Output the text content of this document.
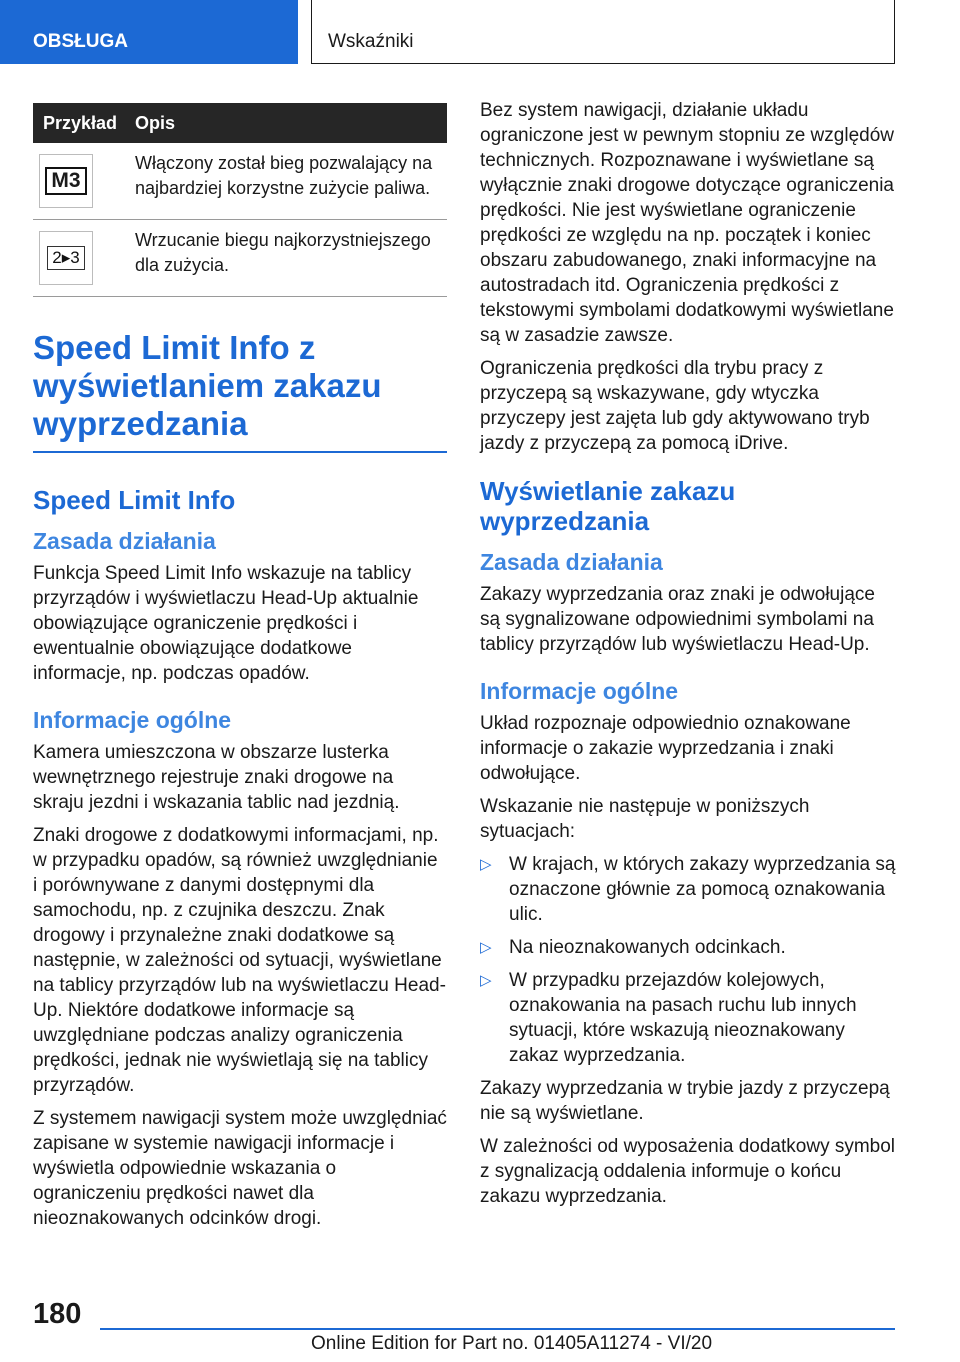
OBSŁUGA	Wskaźniki
Przykład	Opis

M3	Włączony został bieg pozwalający na najbardziej korzystne zużycie paliwa.

2▸3	Wrzucanie biegu najkorzystniejszego dla zużycia.
Speed Limit Info z wyświetlaniem zakazu wyprzedzania
Speed Limit Info
Zasada działania

Funkcja Speed Limit Info wskazuje na tablicy przyrządów i wyświetlaczu Head-Up aktualnie obowiązujące ograniczenie prędkości i ewentualnie obowiązujące dodatkowe informacje, np. podczas opadów.

Informacje ogólne

Kamera umieszczona w obszarze lusterka wewnętrznego rejestruje znaki drogowe na skraju jezdni i wskazania tablic nad jezdnią.

Znaki drogowe z dodatkowymi informacjami, np. w przypadku opadów, są również uwzględnianie i porównywane z danymi dostępnymi dla samochodu, np. z czujnika deszczu. Znak drogowy i przynależne znaki dodatkowe są następnie, w zależności od sytuacji, wyświetlane na tablicy przyrządów lub na wyświetlaczu Head-Up. Niektóre dodatkowe informacje są uwzględniane podczas analizy ograniczenia prędkości, jednak nie wyświetlają się na tablicy przyrządów.

Z systemem nawigacji system może uwzględniać zapisane w systemie nawigacji informacje i wyświetla odpowiednie wskazania o ograniczeniu prędkości nawet dla nieoznakowanych odcinków drogi.

Bez system nawigacji, działanie układu ograniczone jest w pewnym stopniu ze względów technicznych. Rozpoznawane i wyświetlane są wyłącznie znaki drogowe dotyczące ograniczenia prędkości. Nie jest wyświetlane ograniczenie prędkości ze względu na np. początek i koniec obszaru zabudowanego, znaki informacyjne na autostradach itd. Ograniczenia prędkości z tekstowymi symbolami dodatkowymi wyświetlane są w zasadzie zawsze.

Ograniczenia prędkości dla trybu pracy z przyczepą są wskazywane, gdy wtyczka przyczepy jest zajęta lub gdy aktywowano tryb jazdy z przyczepą za pomocą iDrive.

Wyświetlanie zakazu wyprzedzania
Zasada działania

Zakazy wyprzedzania oraz znaki je odwołujące są sygnalizowane odpowiednimi symbolami na tablicy przyrządów lub wyświetlaczu Head-Up.

Informacje ogólne

Układ rozpoznaje odpowiednio oznakowane informacje o zakazie wyprzedzania i znaki odwołujące.

Wskazanie nie następuje w poniższych sytuacjach:

▷ W krajach, w których zakazy wyprzedzania są oznaczone głównie za pomocą oznakowania ulic.
▷ Na nieoznakowanych odcinkach.
▷ W przypadku przejazdów kolejowych, oznakowania na pasach ruchu lub innych sytuacji, które wskazują nieoznakowany zakaz wyprzedzania.

Zakazy wyprzedzania w trybie jazdy z przyczepą nie są wyświetlane.

W zależności od wyposażenia dodatkowy symbol z sygnalizacją oddalenia informuje o końcu zakazu wyprzedzania.

180
Online Edition for Part no. 01405A11274 - VI/20
